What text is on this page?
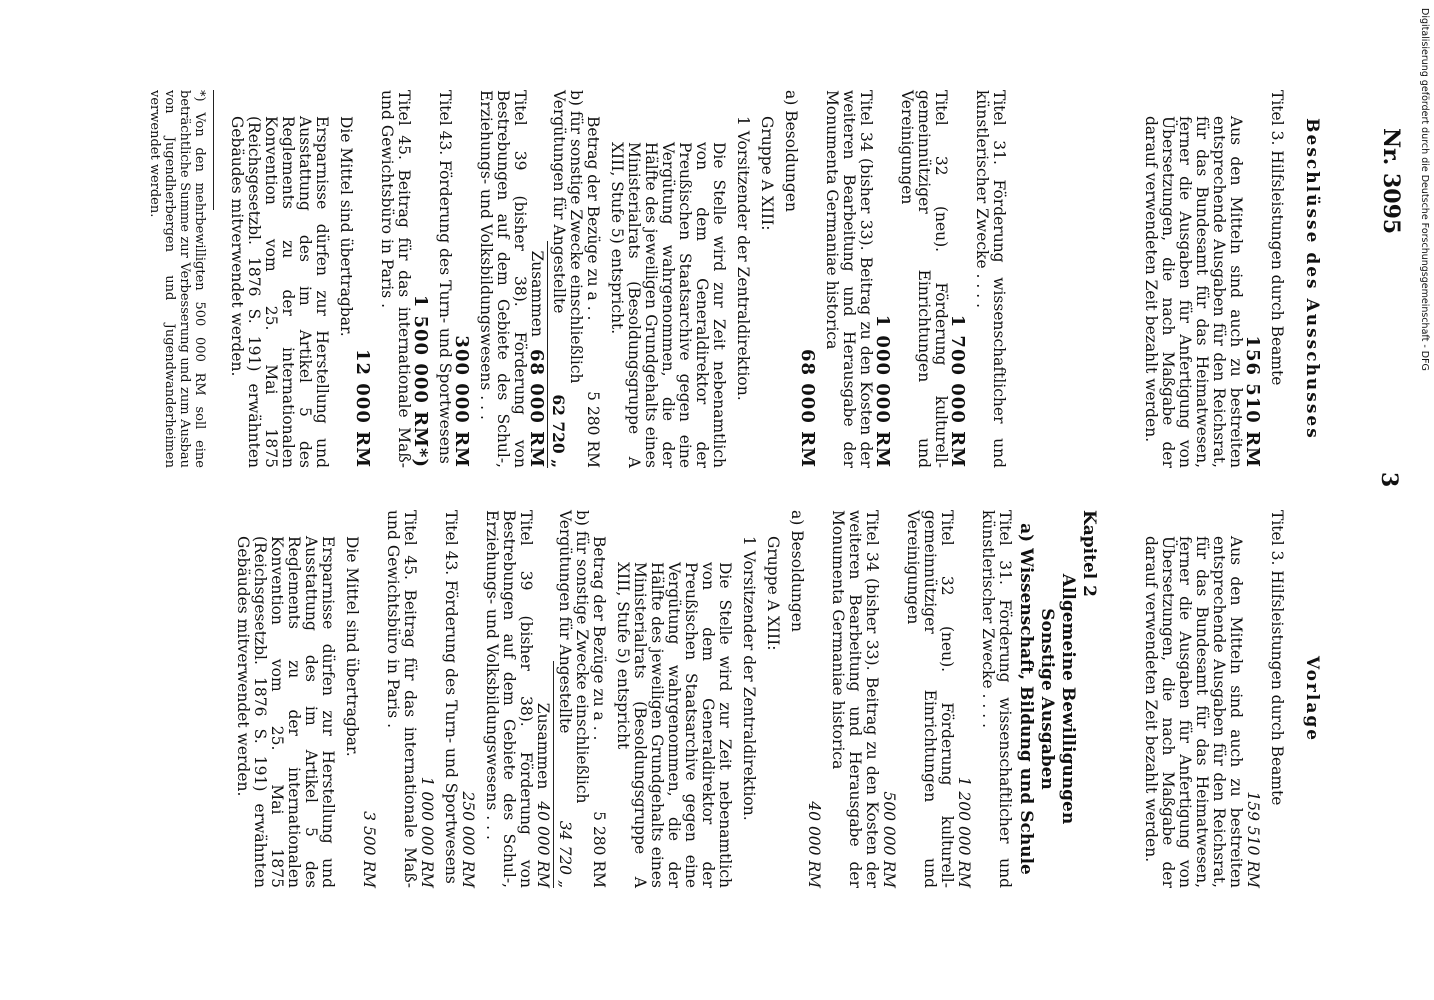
Nr. 3095
3
Beschlüsse des Ausschusses
Titel 3. Hilfsleistungen durch Beamte
156 510 RM
Aus den Mitteln sind auch zu bestreiten entsprechende Ausgaben für den Reichsrat, für das Bundesamt für das Heimatwesen, ferner die Ausgaben für Anfertigung von Übersetzungen, die nach Maßgabe der darauf verwendeten Zeit bezahlt werden.
Titel 31. Förderung wissenschaftlicher und künstlerischer Zwecke . . . .
1 700 000 RM
Titel 32 (neu). Förderung kulturell-gemeinnütziger Einrichtungen und Vereinigungen
1 000 000 RM
Titel 34 (bisher 33). Beitrag zu den Kosten der weiteren Bearbeitung und Herausgabe der Monumenta Germaniae historica
68 000 RM
a) Besoldungen
Gruppe A XIII:
1 Vorsitzender der Zentraldirektion.
Die Stelle wird zur Zeit nebenamtlich von dem Generaldirektor der Preußischen Staatsarchive gegen eine Vergütung wahrgenommen, die der Hälfte des jeweiligen Grundgehalts eines Ministerialrats (Besoldungsgruppe A XIII, Stufe 5) entspricht.
Betrag der Bezüge zu a . .
5 280 RM
b) für sonstige Zwecke einschließlich Vergütungen für Angestellte
62 720 „
Zusammen
68 000 RM
Titel 39 (bisher 38). Förderung von Bestrebungen auf dem Gebiete des Schul-, Erziehungs- und Volksbildungswesens . . .
300 000 RM
Titel 43. Förderung des Turn- und Sportwesens
1 500 000 RM*)
Titel 45. Beitrag für das internationale Maß- und Gewichtsbüro in Paris .
12 000 RM
Die Mittel sind übertragbar.
Ersparnisse dürfen zur Herstellung und Ausstattung des im Artikel 5 des Reglements zu der internationalen Konvention vom 25. Mai 1875 (Reichsgesetzbl. 1876 S. 191) erwähnten Gebäudes mitverwendet werden.
*) Von den mehrbewilligten 500 000 RM soll eine beträchtliche Summe zur Verbesserung und zum Ausbau von Jugendherbergen und Jugendwanderheimen verwendet werden.
Vorlage
Titel 3. Hilfsleistungen durch Beamte
159 510 RM
Aus den Mitteln sind auch zu bestreiten entsprechende Ausgaben für den Reichsrat, für das Bundesamt für das Heimatwesen, ferner die Ausgaben für Anfertigung von Übersetzungen, die nach Maßgabe der darauf verwendeten Zeit bezahlt werden.
Kapitel 2
Allgemeine Bewilligungen
Sonstige Ausgaben
a) Wissenschaft, Bildung und Schule
Titel 31. Förderung wissenschaftlicher und künstlerischer Zwecke . . . .
1 200 000 RM
Titel 32 (neu). Förderung kulturell-gemeinnütziger Einrichtungen und Vereinigungen
500 000 RM
Titel 34 (bisher 33). Beitrag zu den Kosten der weiteren Bearbeitung und Herausgabe der Monumenta Germaniae historica
40 000 RM
a) Besoldungen
Gruppe A XIII:
1 Vorsitzender der Zentraldirektion.
Die Stelle wird zur Zeit nebenamtlich von dem Generaldirektor der Preußischen Staatsarchive gegen eine Vergütung wahrgenommen, die der Hälfte des jeweiligen Grundgehalts eines Ministerialrats (Besoldungsgruppe A XIII, Stufe 5) entspricht
Betrag der Bezüge zu a . .
5 280 RM
b) für sonstige Zwecke einschließlich Vergütungen für Angestellte
34 720 „
Zusammen
40 000 RM
Titel 39 (bisher 38). Förderung von Bestrebungen auf dem Gebiete des Schul-, Erziehungs- und Volksbildungswesens . . .
250 000 RM
Titel 43. Förderung des Turn- und Sportwesens
1 000 000 RM
Titel 45. Beitrag für das internationale Maß- und Gewichtsbüro in Paris .
3 500 RM
Die Mittel sind übertragbar.
Ersparnisse dürfen zur Herstellung und Ausstattung des im Artikel 5 des Reglements zu der internationalen Konvention vom 25. Mai 1875 (Reichsgesetzbl. 1876 S. 191) erwähnten Gebäudes mitverwendet werden.
Digitalisierung gefördert durch die Deutsche Forschungsgemeinschaft - DFG
